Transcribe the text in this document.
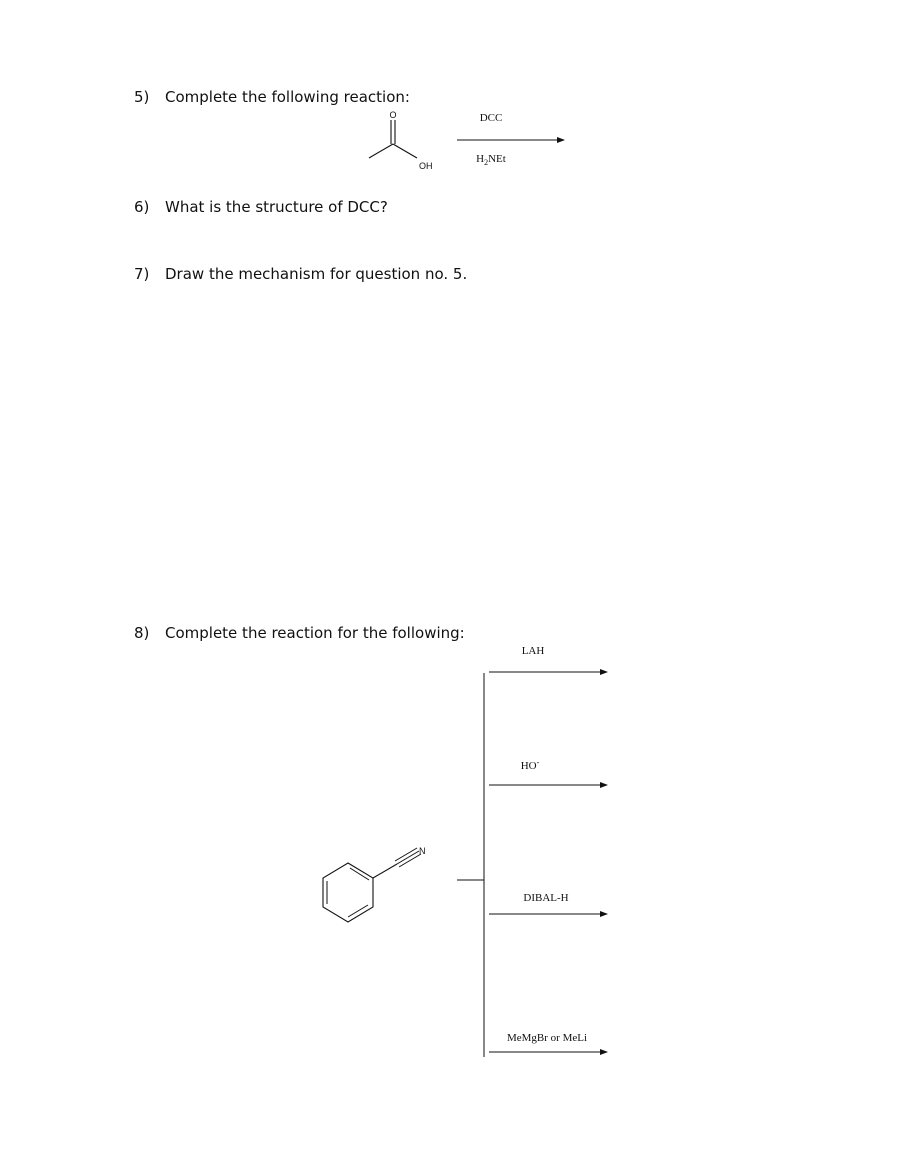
5) Complete the following reaction:
6) What is the structure of DCC?
7) Draw the mechanism for question no. 5.
8) Complete the reaction for the following:
O
OH
DCC
$H_2NEt$
N
LAH
HO-
DIBAL-H
MeMgBr or MeLi
